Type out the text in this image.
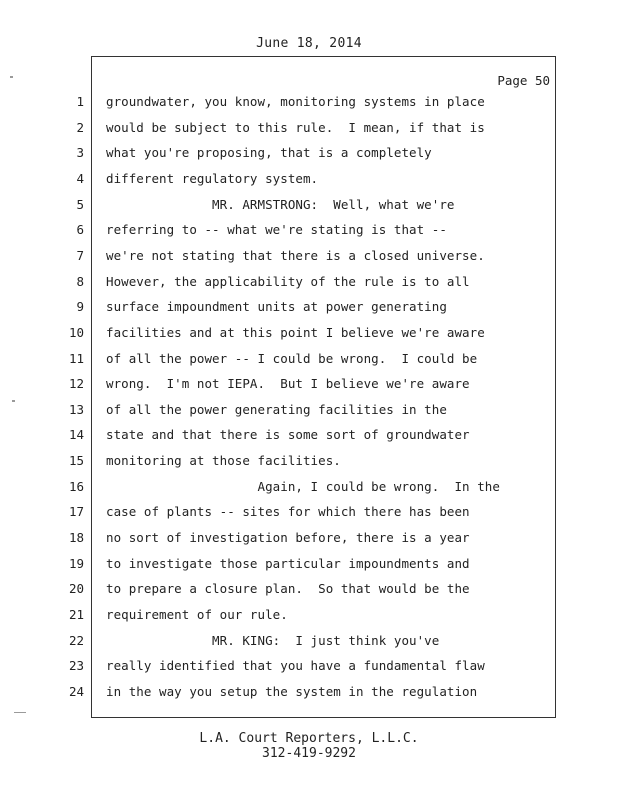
June 18, 2014
Page 50
1 groundwater, you know, monitoring systems in place
2 would be subject to this rule.  I mean, if that is
3 what you're proposing, that is a completely
4 different regulatory system.
5 MR. ARMSTRONG:  Well, what we're
6 referring to -- what we're stating is that --
7 we're not stating that there is a closed universe.
8 However, the applicability of the rule is to all
9 surface impoundment units at power generating
10 facilities and at this point I believe we're aware
11 of all the power -- I could be wrong.  I could be
12 wrong.  I'm not IEPA.  But I believe we're aware
13 of all the power generating facilities in the
14 state and that there is some sort of groundwater
15 monitoring at those facilities.
16 Again, I could be wrong.  In the
17 case of plants -- sites for which there has been
18 no sort of investigation before, there is a year
19 to investigate those particular impoundments and
20 to prepare a closure plan.  So that would be the
21 requirement of our rule.
22 MR. KING:  I just think you've
23 really identified that you have a fundamental flaw
24 in the way you setup the system in the regulation
L.A. Court Reporters, L.L.C.
312-419-9292
